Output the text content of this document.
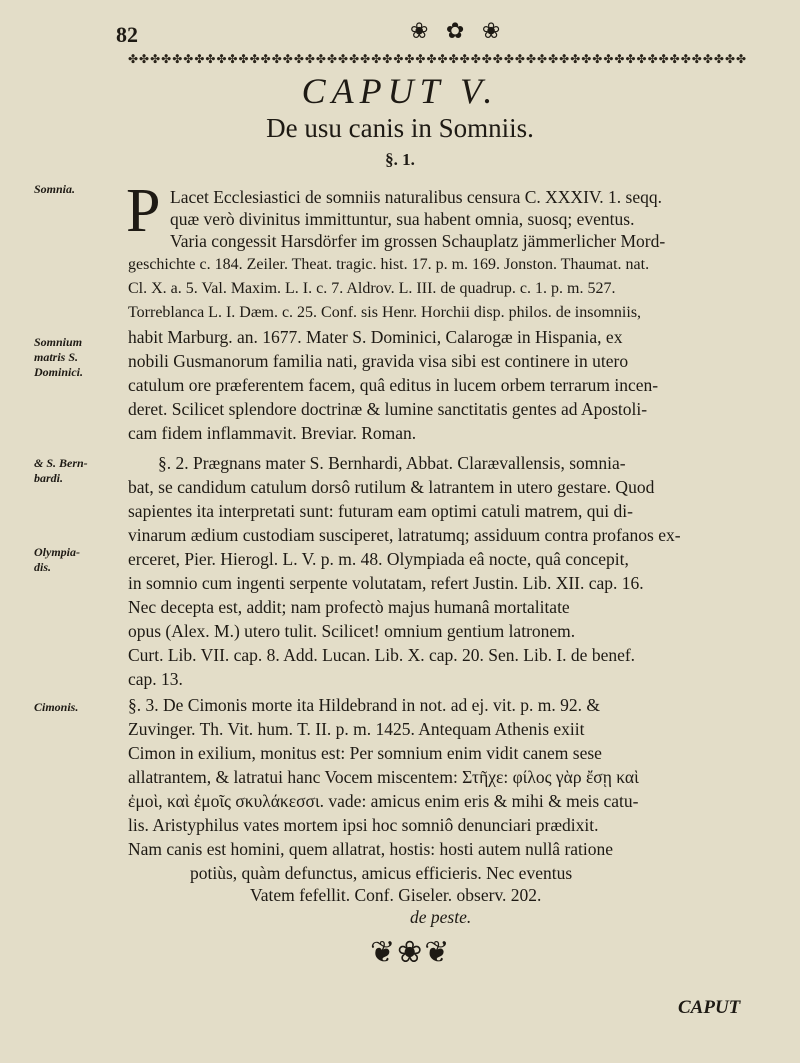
82	❀ ✿ ❀
✤✤✤✤✤✤✤✤✤✤✤✤✤✤✤✤✤✤✤✤✤✤✤✤✤✤✤✤✤✤✤✤✤✤✤✤✤✤✤✤✤✤✤✤✤✤✤✤✤✤✤✤✤✤✤✤
CAPUT V.
De usu canis in Somniis.
§. 1.
P
Somnia.
Somnium
matris S.
Dominici.
& S. Bern-
bardi.
Olympia-
dis.
Cimonis.
Lacet Ecclesiastici de somniis naturalibus censura C. XXXIV. 1. seqq.
quæ verò divinitus immittuntur, sua habent omnia, suosq; eventus.
Varia congessit Harsdörfer im grossen Schauplatz jämmerlicher Mord-
geschichte c. 184. Zeiler. Theat. tragic. hist. 17. p. m. 169. Jonston. Thaumat. nat.
Cl. X. a. 5. Val. Maxim. L. I. c. 7. Aldrov. L. III. de quadrup. c. 1. p. m. 527.
Torreblanca L. I. Dæm. c. 25. Conf. sis Henr. Horchii disp. philos. de insomniis,
habit Marburg. an. 1677. Mater S. Dominici, Calarogæ in Hispania, ex
nobili Gusmanorum familia nati, gravida visa sibi est continere in utero
catulum ore præferentem facem, quâ editus in lucem orbem terrarum incen-
deret. Scilicet splendore doctrinæ & lumine sanctitatis gentes ad Apostoli-
cam fidem inflammavit. Breviar. Roman.
§. 2. Prægnans mater S. Bernhardi, Abbat. Clarævallensis, somnia-
bat, se candidum catulum dorsô rutilum & latrantem in utero gestare. Quod
sapientes ita interpretati sunt: futuram eam optimi catuli matrem, qui di-
vinarum ædium custodiam susciperet, latratumq; assiduum contra profanos ex-
erceret, Pier. Hierogl. L. V. p. m. 48. Olympiada eâ nocte, quâ concepit,
in somnio cum ingenti serpente volutatam, refert Justin. Lib. XII. cap. 16.
Nec decepta est, addit; nam profectò majus humanâ mortalitate
opus (Alex. M.) utero tulit. Scilicet! omnium gentium latronem.
Curt. Lib. VII. cap. 8. Add. Lucan. Lib. X. cap. 20. Sen. Lib. I. de benef.
cap. 13.
§. 3. De Cimonis morte ita Hildebrand in not. ad ej. vit. p. m. 92. &
Zuvinger. Th. Vit. hum. T. II. p. m. 1425. Antequam Athenis exiit
Cimon in exilium, monitus est: Per somnium enim vidit canem sese
allatrantem, & latratui hanc Vocem miscentem: Στῆχε: φίλος γὰρ ἔσῃ καὶ
ἐμοὶ, καὶ ἐμοῖς σκυλάκεσσι. vade: amicus enim eris & mihi & meis catu-
lis. Aristyphilus vates mortem ipsi hoc somniô denunciari prædixit.
Nam canis est homini, quem allatrat, hostis: hosti autem nullâ ratione
potiùs, quàm defunctus, amicus efficieris. Nec eventus
Vatem fefellit. Conf. Giseler. observ. 202.
de peste.
❦❀❦
CAPUT
